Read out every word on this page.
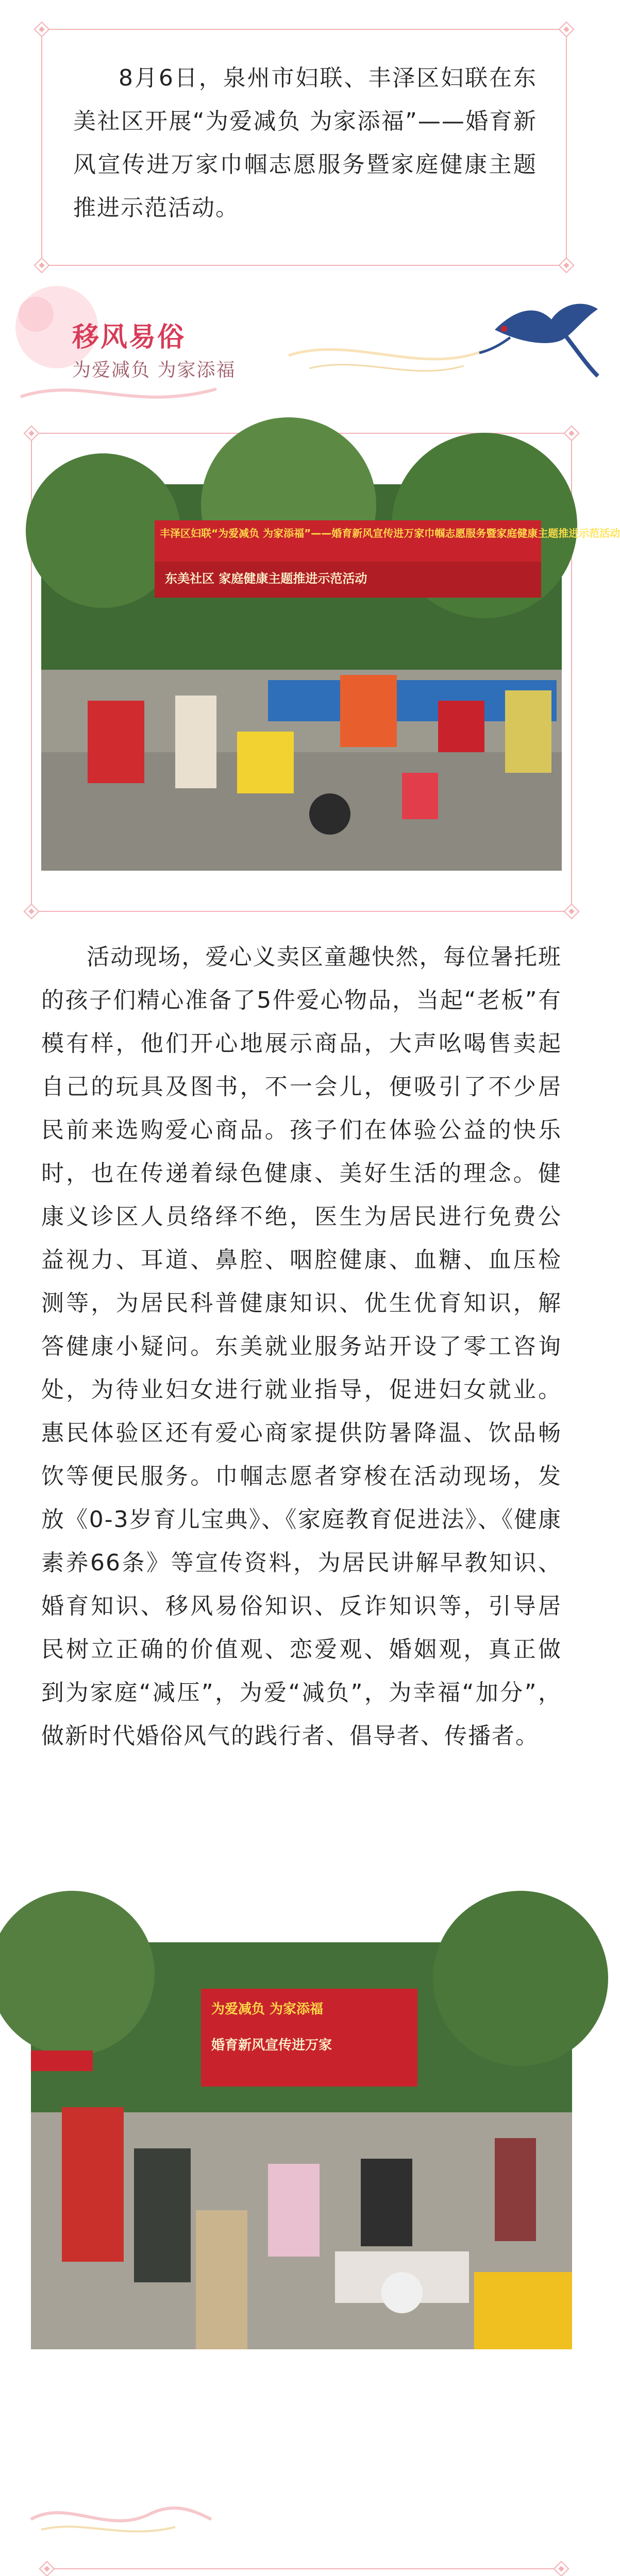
8月6日，泉州市妇联、丰泽区妇联在东美社区开展“为爱减负 为家添福”——婚育新风宣传进万家巾帼志愿服务暨家庭健康主题推进示范活动。

移风易俗
为爱减负 为家添福
丰泽区妇联“为爱减负 为家添福”——婚育新风宣传进万家巾帼志愿服务暨家庭健康主题推进示范活动
东美社区 家庭健康主题推进示范活动

活动现场，爱心义卖区童趣快然，每位暑托班的孩子们精心准备了5件爱心物品，当起“老板”有模有样，他们开心地展示商品，大声吆喝售卖起自己的玩具及图书，不一会儿，便吸引了不少居民前来选购爱心商品。孩子们在体验公益的快乐时，也在传递着绿色健康、美好生活的理念。健康义诊区人员络绎不绝，医生为居民进行免费公益视力、耳道、鼻腔、咽腔健康、血糖、血压检测等，为居民科普健康知识、优生优育知识，解答健康小疑问。东美就业服务站开设了零工咨询处，为待业妇女进行就业指导，促进妇女就业。惠民体验区还有爱心商家提供防暑降温、饮品畅饮等便民服务。巾帼志愿者穿梭在活动现场，发放《0-3岁育儿宝典》、《家庭教育促进法》、《健康素养66条》等宣传资料，为居民讲解早教知识、婚育知识、移风易俗知识、反诈知识等，引导居民树立正确的价值观、恋爱观、婚姻观，真正做到为家庭“减压”，为爱“减负”，为幸福“加分”，做新时代婚俗风气的践行者、倡导者、传播者。

为爱减负 为家添福
婚育新风宣传进万家
